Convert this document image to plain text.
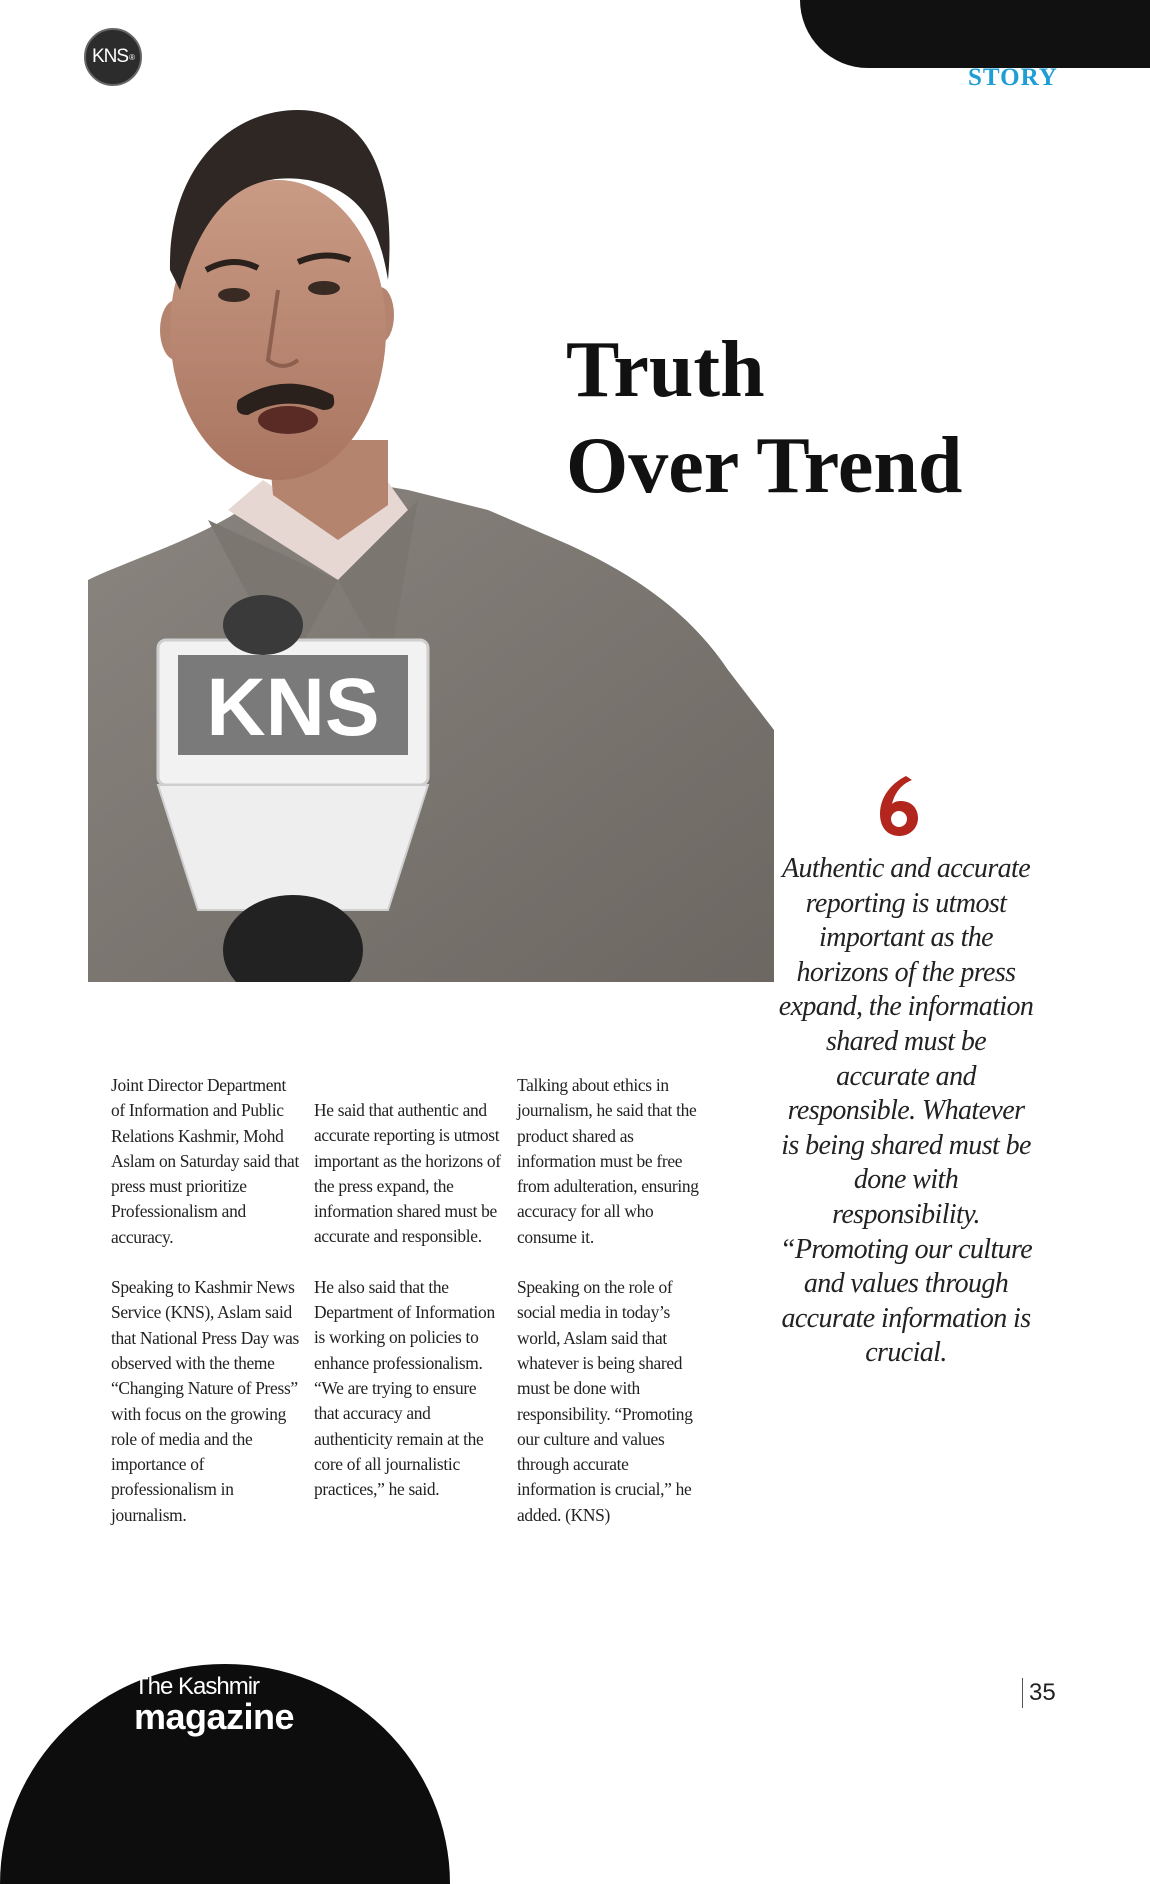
STORY
KNS ®
KNS
Truth
Over Trend

Authentic and accurate reporting is utmost important as the horizons of the press expand, the information shared must be accurate and responsible. Whatever is being shared must be done with responsibility. “Promoting our culture and values through accurate information is crucial.

Joint Director Department of Information and Public Relations Kashmir, Mohd Aslam on Saturday said that press must prioritize Professionalism and accuracy.

Speaking to Kashmir News Service (KNS), Aslam said that National Press Day was observed with the theme “Changing Nature of Press” with focus on the growing role of media and the importance of professionalism in journalism.

He said that authentic and accurate reporting is utmost important as the horizons of the press expand, the information shared must be accurate and responsible.

He also said that the Department of Information is working on policies to enhance professionalism. “We are trying to ensure that accuracy and authenticity remain at the core of all journalistic practices,” he said.

Talking about ethics in journalism, he said that the product shared as information must be free from adulteration, ensuring accuracy for all who consume it.

Speaking on the role of social media in today’s world, Aslam said that whatever is being shared must be done with responsibility. “Promoting our culture and values through accurate information is crucial,” he added. (KNS)

The Kashmir
magazine
35
